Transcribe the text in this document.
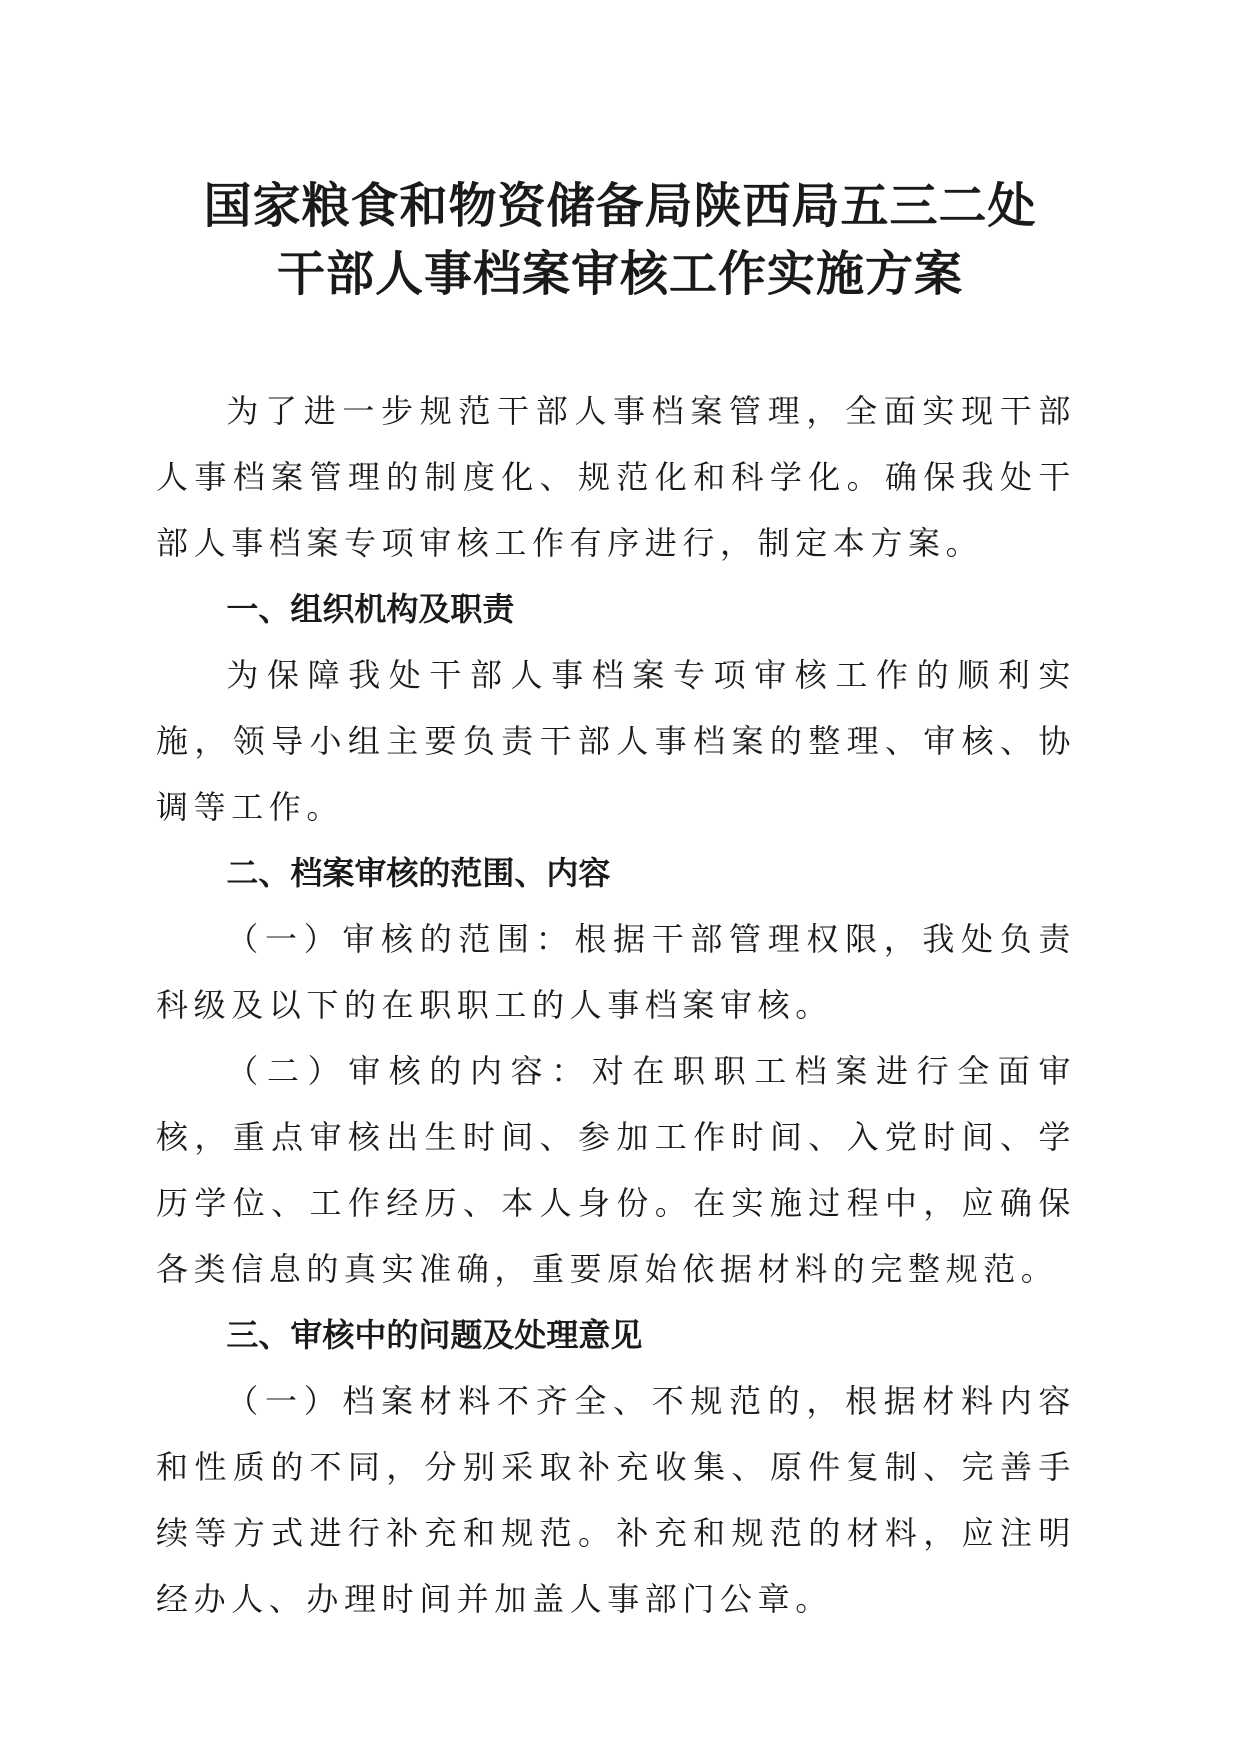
国家粮食和物资储备局陕西局五三二处
干部人事档案审核工作实施方案

为了进一步规范干部人事档案管理，全面实现干部人事档案管理的制度化、规范化和科学化。确保我处干部人事档案专项审核工作有序进行，制定本方案。

一、组织机构及职责

为保障我处干部人事档案专项审核工作的顺利实施，领导小组主要负责干部人事档案的整理、审核、协调等工作。

二、档案审核的范围、内容

（一）审核的范围：根据干部管理权限，我处负责科级及以下的在职职工的人事档案审核。

（二）审核的内容：对在职职工档案进行全面审核，重点审核出生时间、参加工作时间、入党时间、学历学位、工作经历、本人身份。在实施过程中，应确保各类信息的真实准确，重要原始依据材料的完整规范。

三、审核中的问题及处理意见

（一）档案材料不齐全、不规范的，根据材料内容和性质的不同，分别采取补充收集、原件复制、完善手续等方式进行补充和规范。补充和规范的材料，应注明经办人、办理时间并加盖人事部门公章。
